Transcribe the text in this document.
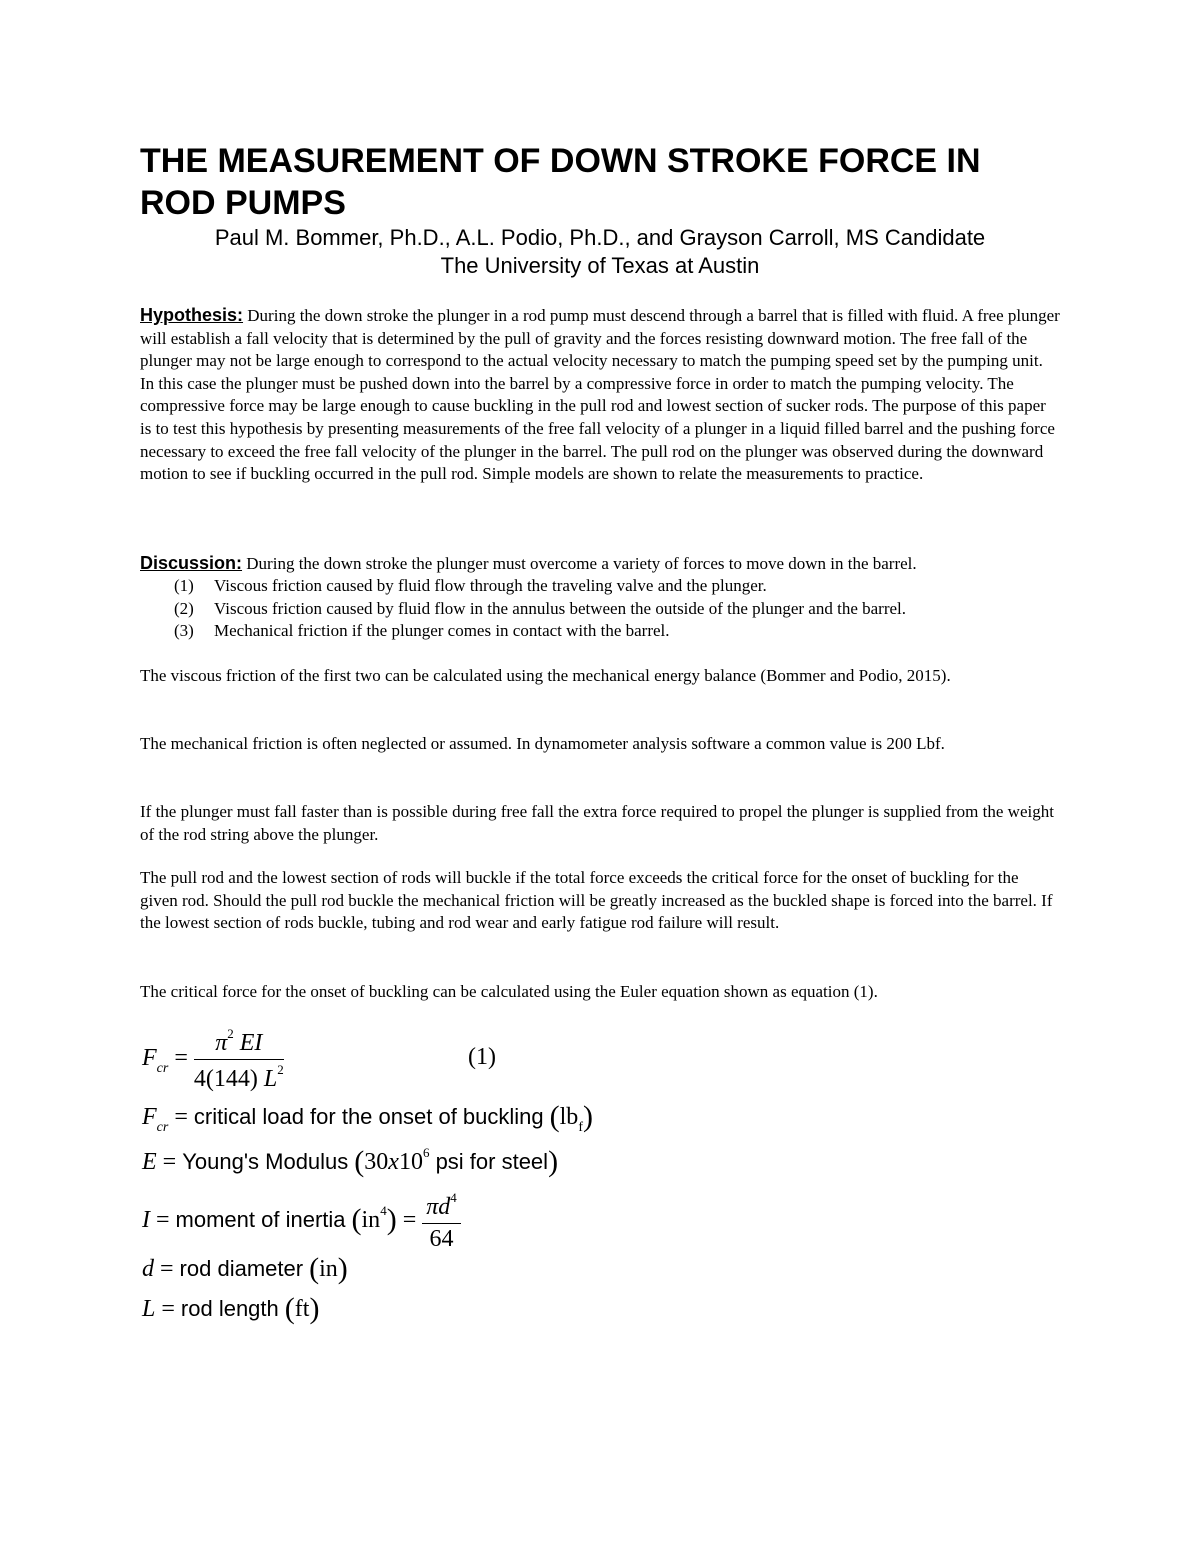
THE MEASUREMENT OF DOWN STROKE FORCE IN ROD PUMPS
Paul M. Bommer, Ph.D., A.L. Podio, Ph.D., and Grayson Carroll, MS Candidate
The University of Texas at Austin

Hypothesis: During the down stroke the plunger in a rod pump must descend through a barrel that is filled with fluid. A free plunger will establish a fall velocity that is determined by the pull of gravity and the forces resisting downward motion. The free fall of the plunger may not be large enough to correspond to the actual velocity necessary to match the pumping speed set by the pumping unit. In this case the plunger must be pushed down into the barrel by a compressive force in order to match the pumping velocity. The compressive force may be large enough to cause buckling in the pull rod and lowest section of sucker rods. The purpose of this paper is to test this hypothesis by presenting measurements of the free fall velocity of a plunger in a liquid filled barrel and the pushing force necessary to exceed the free fall velocity of the plunger in the barrel. The pull rod on the plunger was observed during the downward motion to see if buckling occurred in the pull rod. Simple models are shown to relate the measurements to practice.

Discussion: During the down stroke the plunger must overcome a variety of forces to move down in the barrel.

(1)	Viscous friction caused by fluid flow through the traveling valve and the plunger.
(2)	Viscous friction caused by fluid flow in the annulus between the outside of the plunger and the barrel.
(3)	Mechanical friction if the plunger comes in contact with the barrel.

The viscous friction of the first two can be calculated using the mechanical energy balance (Bommer and Podio, 2015).

The mechanical friction is often neglected or assumed. In dynamometer analysis software a common value is 200 Lbf.

If the plunger must fall faster than is possible during free fall the extra force required to propel the plunger is supplied from the weight of the rod string above the plunger.

The pull rod and the lowest section of rods will buckle if the total force exceeds the critical force for the onset of buckling for the given rod. Should the pull rod buckle the mechanical friction will be greatly increased as the buckled shape is forced into the barrel. If the lowest section of rods buckle, tubing and rod wear and early fatigue rod failure will result.

The critical force for the onset of buckling can be calculated using the Euler equation shown as equation (1).

$F_{cr} = \frac{\pi^2 EI}{4(144) L^2}$	(1)
$F_{cr}$ = critical load for the onset of buckling $(lb_f)$
E = Young's Modulus ($30x10^6$ psi for steel)
I = moment of inertia $(in^4) = \frac{\pi d^4}{64}$
d = rod diameter (in)
L = rod length (ft)
